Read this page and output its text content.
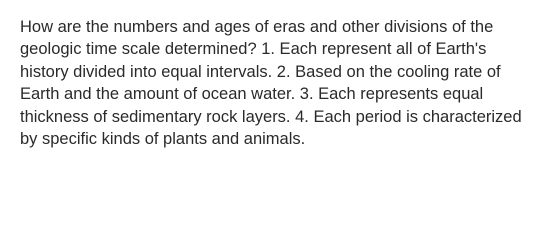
How are the numbers and ages of eras and other divisions of the geologic time scale determined? 1. Each represent all of Earth's history divided into equal intervals. 2. Based on the cooling rate of Earth and the amount of ocean water. 3. Each represents equal thickness of sedimentary rock layers. 4. Each period is characterized by specific kinds of plants and animals.
